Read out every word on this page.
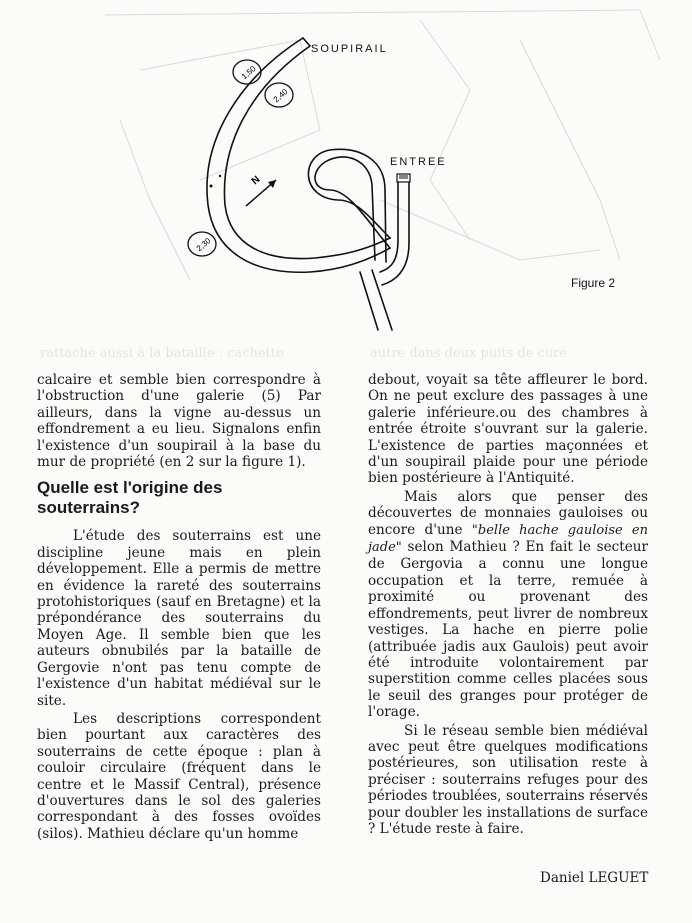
rattache aussi à la bataille : cachette	autre dans deux puits de cure
1,50
2,40
2,30
N
SOUPIRAIL
ENTREE
Figure 2

calcaire et semble bien correspondre à l'obstruction d'une galerie (5) Par ailleurs, dans la vigne au-dessus un effondrement a eu lieu. Signalons enfin l'existence d'un soupirail à la base du mur de propriété (en 2 sur la figure 1).

Quelle est l'origine des souterrains?

L'étude des souterrains est une discipline jeune mais en plein développement. Elle a permis de mettre en évidence la rareté des souterrains protohistoriques (sauf en Bretagne) et la prépondérance des souterrains du Moyen Age. Il semble bien que les auteurs obnubilés par la bataille de Gergovie n'ont pas tenu compte de l'existence d'un habitat médiéval sur le site.

Les descriptions correspondent bien pourtant aux caractères des souterrains de cette époque : plan à couloir circulaire (fréquent dans le centre et le Massif Central), présence d'ouvertures dans le sol des galeries correspondant à des fosses ovoïdes (silos). Mathieu déclare qu'un homme

debout, voyait sa tête affleurer le bord. On ne peut exclure des passages à une galerie inférieure.ou des chambres à entrée étroite s'ouvrant sur la galerie. L'existence de parties maçonnées et d'un soupirail plaide pour une période bien postérieure à l'Antiquité.

Mais alors que penser des découvertes de monnaies gauloises ou encore d'une "belle hache gauloise en jade" selon Mathieu ? En fait le secteur de Gergovia a connu une longue occupation et la terre, remuée à proximité ou provenant des effondrements, peut livrer de nombreux vestiges. La hache en pierre polie (attribuée jadis aux Gaulois) peut avoir été introduite volontairement par superstition comme celles placées sous le seuil des granges pour protéger de l'orage.

Si le réseau semble bien médiéval avec peut être quelques modifications postérieures, son utilisation reste à préciser : souterrains refuges pour des périodes troublées, souterrains réservés pour doubler les installations de surface ? L'étude reste à faire.

Daniel LEGUET
